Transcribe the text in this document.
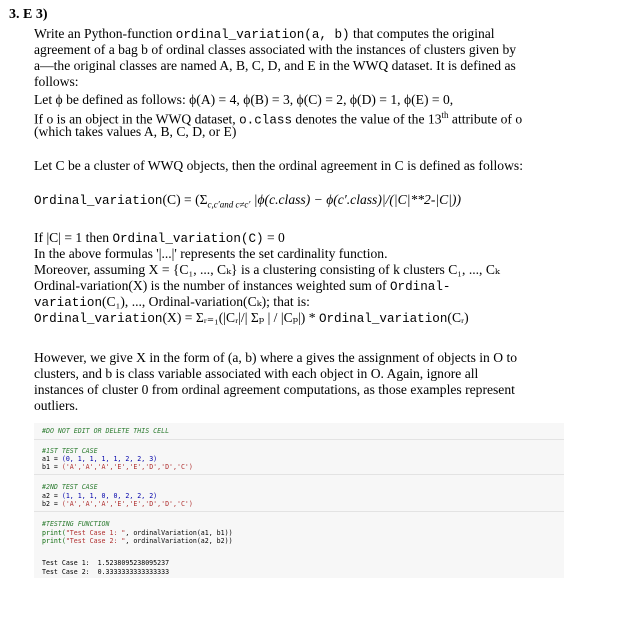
3. E 3)

Write an Python-function ordinal_variation(a, b) that computes the original

agreement of a bag b of ordinal classes associated with the instances of clusters given by

a—the original classes are named A, B, C, D, and E in the WWQ dataset. It is defined as

follows:

Let ϕ be defined as follows: ϕ(A) = 4, ϕ(B) = 3, ϕ(C) = 2, ϕ(D) = 1, ϕ(E) = 0,

If o is an object in the WWQ dataset, o.class denotes the value of the 13th attribute of o

(which takes values A, B, C, D, or E)

Let C be a cluster of WWQ objects, then the ordinal agreement in C is defined as follows:

Ordinal_variation(C) = ($\Sigma_{c,c'and c\ne c'}$ |ϕ(c.class) − ϕ(c′.class)|/(|C|**2-|C|))

If |C| = 1 then Ordinal_variation(C) = 0

In the above formulas '|...|' represents the set cardinality function.

Moreover, assuming X = {C₁, ..., Cₖ} is a clustering consisting of k clusters C₁, ..., Cₖ

Ordinal-variation(X) is the number of instances weighted sum of Ordinal-

variation(C₁), ..., Ordinal-variation(Cₖ); that is:

Ordinal_variation(X) = Σᵣ₌₁(|Cᵣ|/| Σₚ | / |Cₚ|) * Ordinal_variation(Cᵣ)

However, we give X in the form of (a, b) where a gives the assignment of objects in O to

clusters, and b is class variable associated with each object in O. Again, ignore all

instances of cluster 0 from ordinal agreement computations, as those examples represent

outliers.

#DO NOT EDIT OR DELETE THIS CELL
#1ST TEST CASE
a1 = (0, 1, 1, 1, 1, 2, 2, 3)
b1 = ('A','A','A','E','E','D','D','C')
#2ND TEST CASE
a2 = (1, 1, 1, 0, 0, 2, 2, 2)
b2 = ('A','A','A','E','E','D','D','C')
#TESTING FUNCTION
print("Test Case 1: ", ordinalVariation(a1, b1))
print("Test Case 2: ", ordinalVariation(a2, b2))
Test Case 1:  1.5238095238095237
Test Case 2:  0.3333333333333333
